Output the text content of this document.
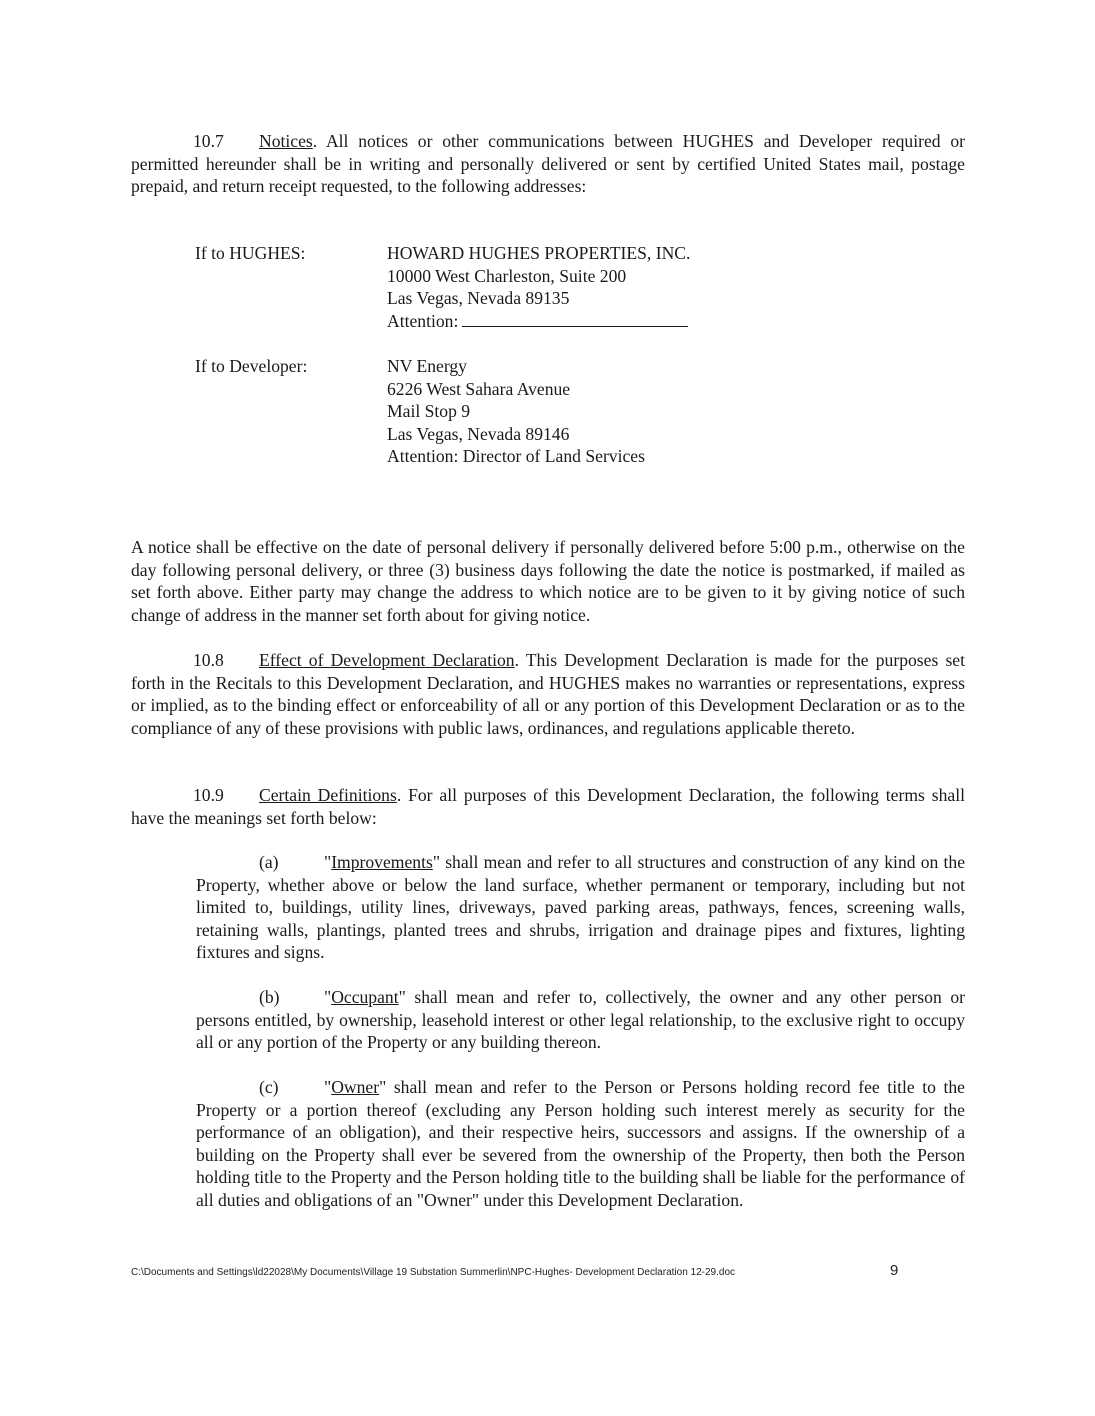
10.7 Notices. All notices or other communications between HUGHES and Developer required or permitted hereunder shall be in writing and personally delivered or sent by certified United States mail, postage prepaid, and return receipt requested, to the following addresses:

If to HUGHES:	HOWARD HUGHES PROPERTIES, INC.
10000 West Charleston, Suite 200
Las Vegas, Nevada 89135
Attention:
If to Developer:	NV Energy
6226 West Sahara Avenue
Mail Stop 9
Las Vegas, Nevada 89146
Attention: Director of Land Services

A notice shall be effective on the date of personal delivery if personally delivered before 5:00 p.m., otherwise on the day following personal delivery, or three (3) business days following the date the notice is postmarked, if mailed as set forth above. Either party may change the address to which notice are to be given to it by giving notice of such change of address in the manner set forth about for giving notice.

10.8 Effect of Development Declaration. This Development Declaration is made for the purposes set forth in the Recitals to this Development Declaration, and HUGHES makes no warranties or representations, express or implied, as to the binding effect or enforceability of all or any portion of this Development Declaration or as to the compliance of any of these provisions with public laws, ordinances, and regulations applicable thereto.

10.9 Certain Definitions. For all purposes of this Development Declaration, the following terms shall have the meanings set forth below:

(a)	"Improvements" shall mean and refer to all structures and construction of any kind on the Property, whether above or below the land surface, whether permanent or temporary, including but not limited to, buildings, utility lines, driveways, paved parking areas, pathways, fences, screening walls, retaining walls, plantings, planted trees and shrubs, irrigation and drainage pipes and fixtures, lighting fixtures and signs.

(b)	"Occupant" shall mean and refer to, collectively, the owner and any other person or persons entitled, by ownership, leasehold interest or other legal relationship, to the exclusive right to occupy all or any portion of the Property or any building thereon.

(c)	"Owner" shall mean and refer to the Person or Persons holding record fee title to the Property or a portion thereof (excluding any Person holding such interest merely as security for the performance of an obligation), and their respective heirs, successors and assigns. If the ownership of a building on the Property shall ever be severed from the ownership of the Property, then both the Person holding title to the Property and the Person holding title to the building shall be liable for the performance of all duties and obligations of an "Owner" under this Development Declaration.

C:\Documents and Settings\ld22028\My Documents\Village 19 Substation Summerlin\NPC-Hughes- Development Declaration 12-29.doc	9
